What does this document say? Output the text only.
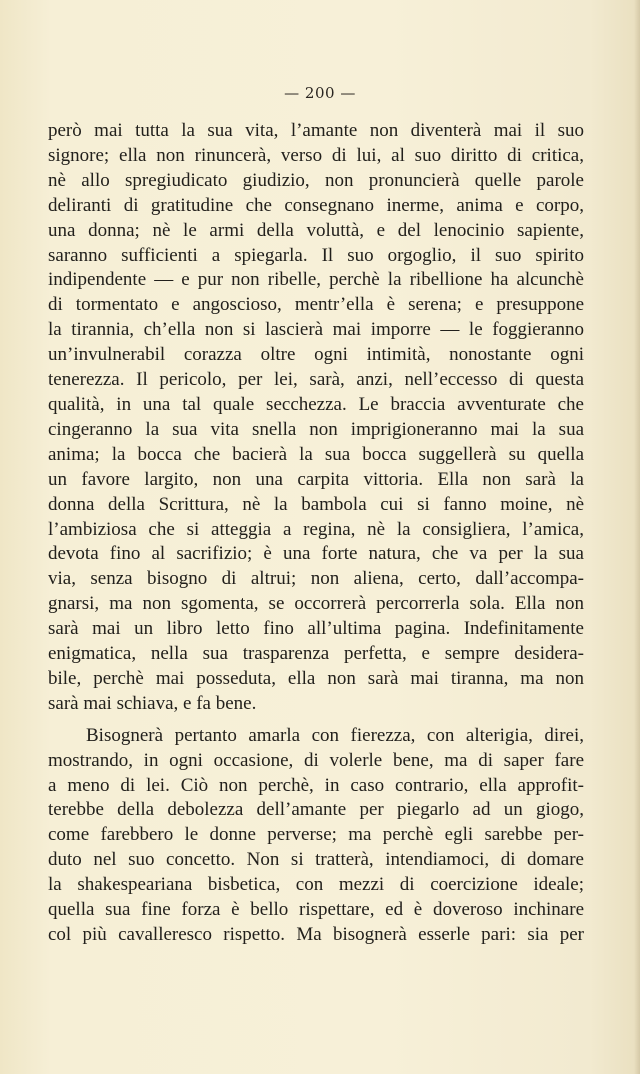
— 200 —
però mai tutta la sua vita, l’amante non diventerà mai il suo
signore; ella non rinuncerà, verso di lui, al suo diritto di critica,
nè allo spregiudicato giudizio, non pronuncierà quelle parole
deliranti di gratitudine che consegnano inerme, anima e corpo,
una donna; nè le armi della voluttà, e del lenocinio sapiente,
saranno sufficienti a spiegarla. Il suo orgoglio, il suo spirito
indipendente — e pur non ribelle, perchè la ribellione ha alcunchè
di tormentato e angoscioso, mentr’ella è serena; e presuppone
la tirannia, ch’ella non si lascierà mai imporre — le foggieranno
un’invulnerabil corazza oltre ogni intimità, nonostante ogni
tenerezza. Il pericolo, per lei, sarà, anzi, nell’eccesso di questa
qualità, in una tal quale secchezza. Le braccia avventurate che
cingeranno la sua vita snella non imprigioneranno mai la sua
anima; la bocca che bacierà la sua bocca suggellerà su quella
un favore largito, non una carpita vittoria. Ella non sarà la
donna della Scrittura, nè la bambola cui si fanno moine, nè
l’ambiziosa che si atteggia a regina, nè la consigliera, l’amica,
devota fino al sacrifizio; è una forte natura, che va per la sua
via, senza bisogno di altrui; non aliena, certo, dall’accompa-
gnarsi, ma non sgomenta, se occorrerà percorrerla sola. Ella non
sarà mai un libro letto fino all’ultima pagina. Indefinitamente
enigmatica, nella sua trasparenza perfetta, e sempre desidera-
bile, perchè mai posseduta, ella non sarà mai tiranna, ma non
sarà mai schiava, e fa bene.
Bisognerà pertanto amarla con fierezza, con alterigia, direi,
mostrando, in ogni occasione, di volerle bene, ma di saper fare
a meno di lei. Ciò non perchè, in caso contrario, ella approfit-
terebbe della debolezza dell’amante per piegarlo ad un giogo,
come farebbero le donne perverse; ma perchè egli sarebbe per-
duto nel suo concetto. Non si tratterà, intendiamoci, di domare
la shakespeariana bisbetica, con mezzi di coercizione ideale;
quella sua fine forza è bello rispettare, ed è doveroso inchinare
col più cavalleresco rispetto. Ma bisognerà esserle pari: sia per
